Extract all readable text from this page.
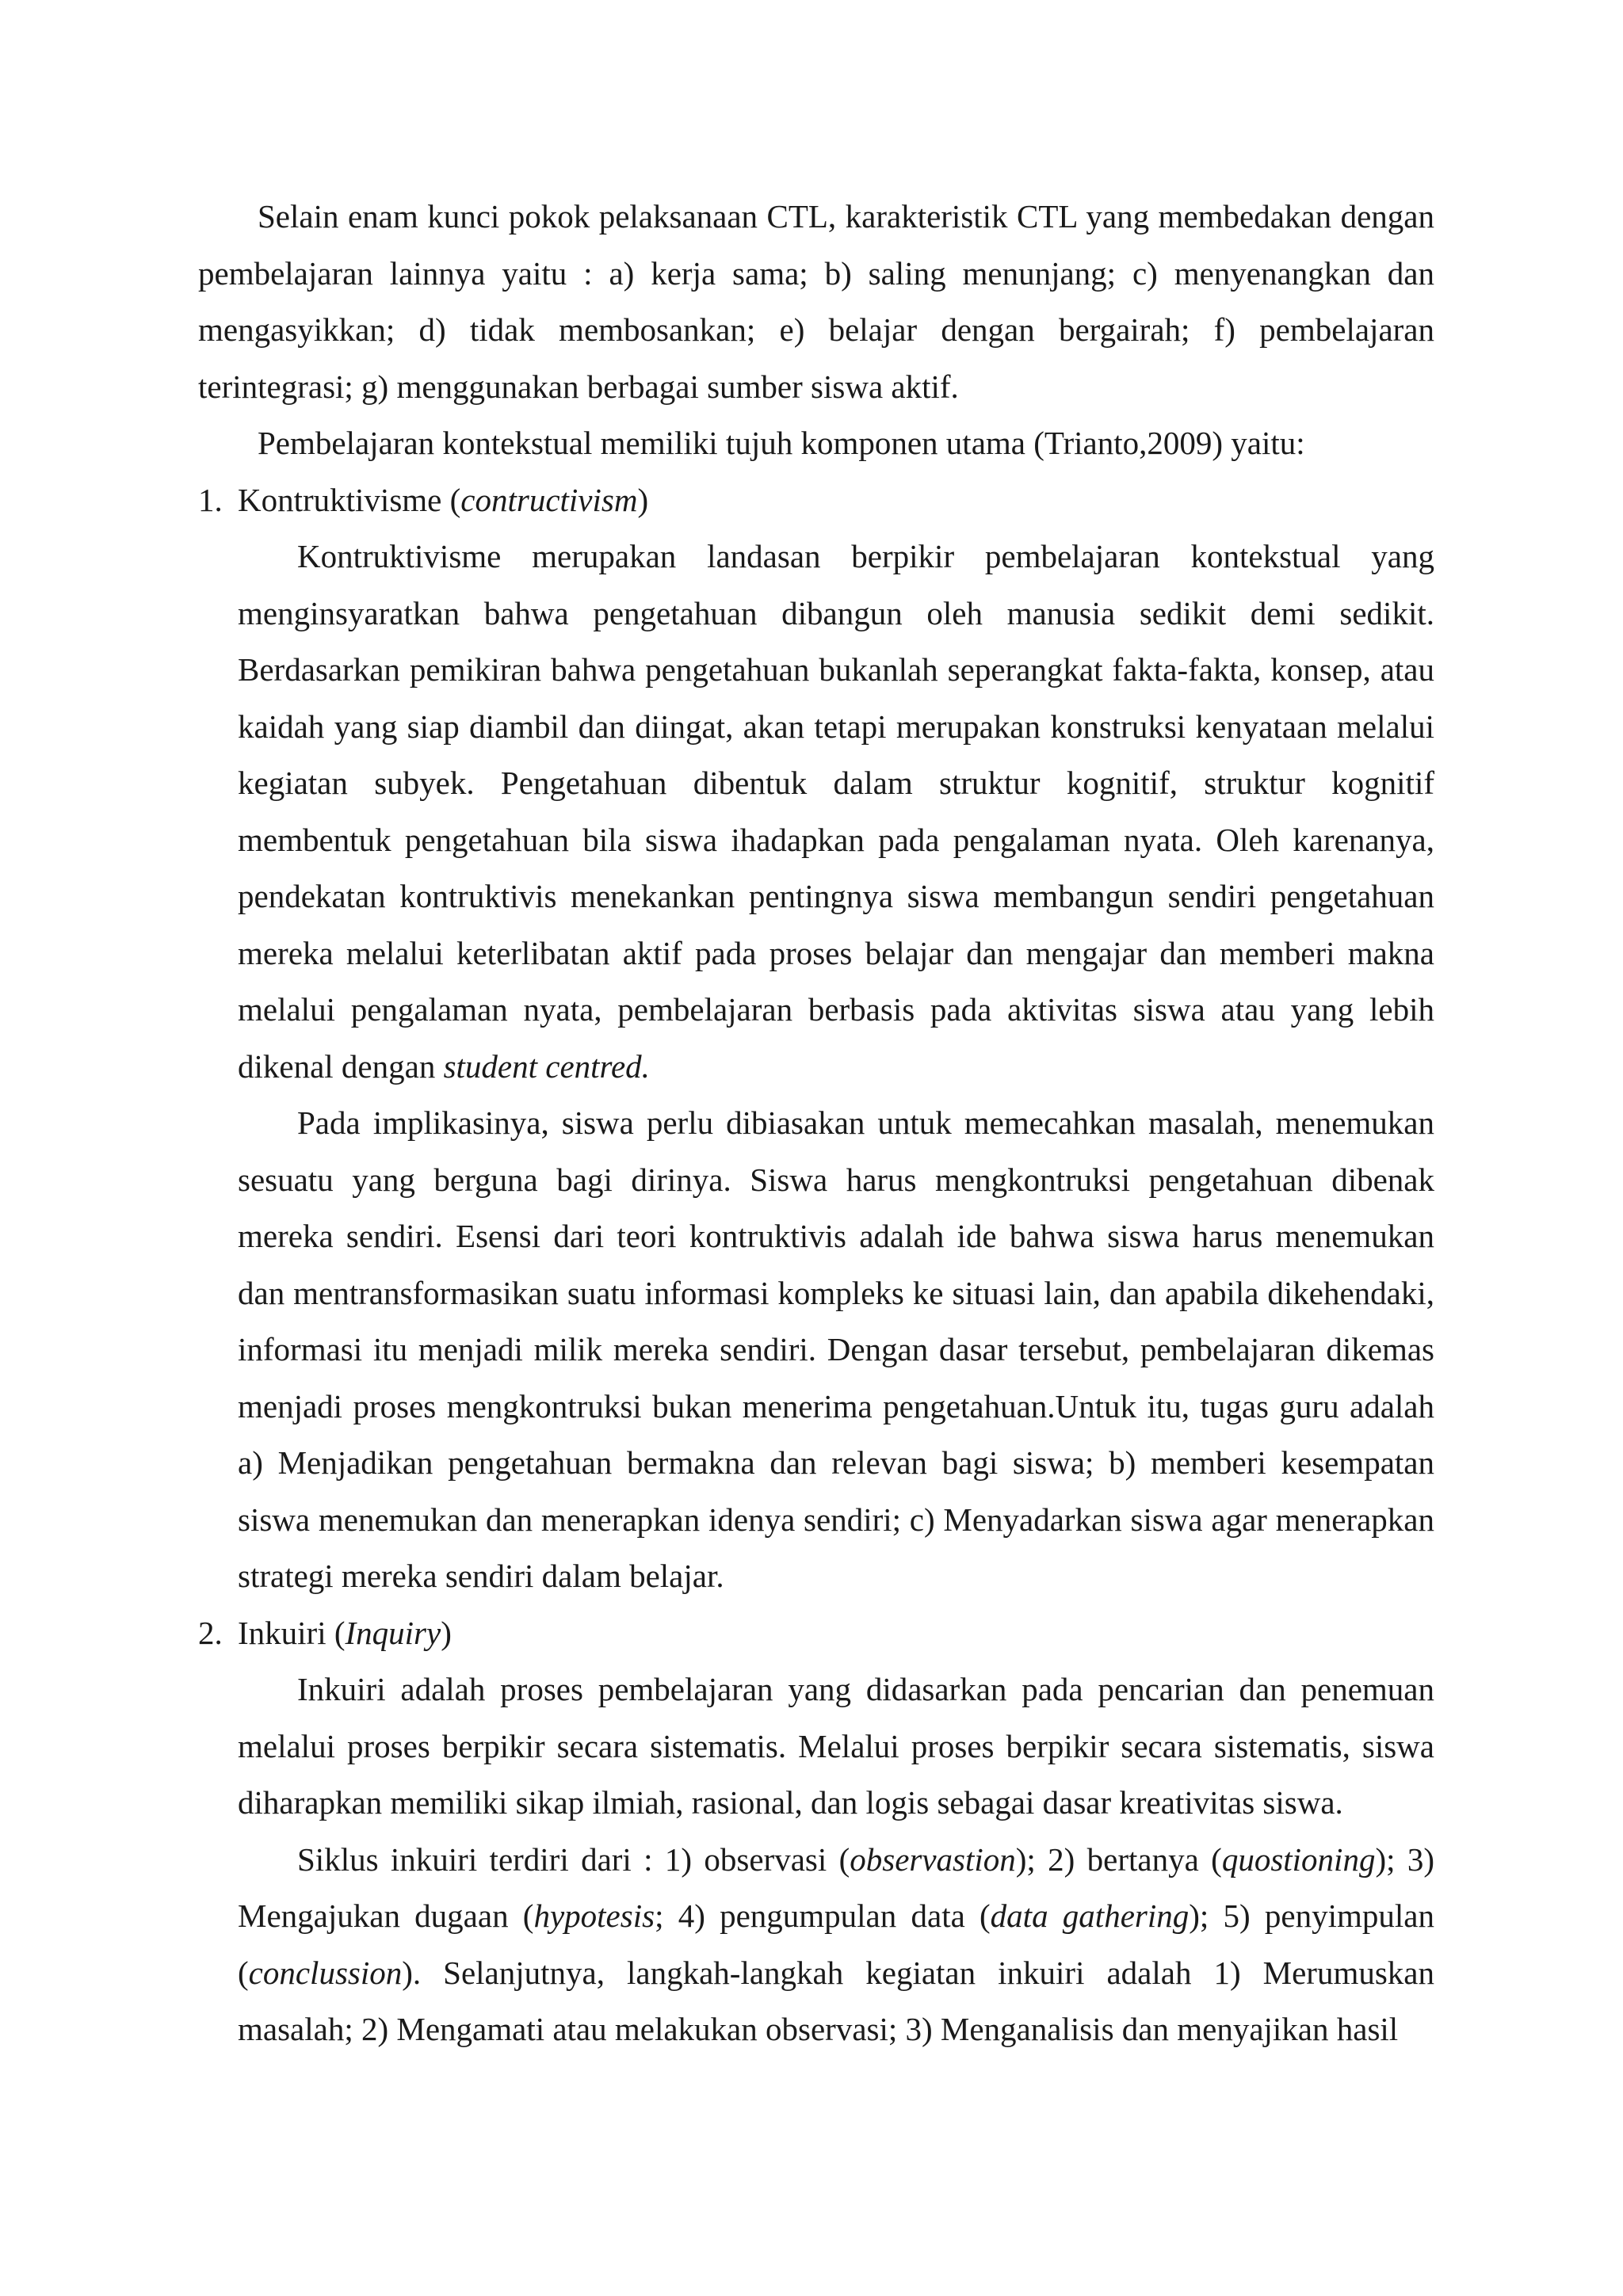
Selain enam kunci pokok pelaksanaan CTL, karakteristik CTL yang membedakan dengan pembelajaran lainnya yaitu : a) kerja sama; b) saling menunjang; c) menyenangkan dan mengasyikkan; d) tidak membosankan; e) belajar dengan bergairah; f) pembelajaran terintegrasi; g) menggunakan berbagai sumber siswa aktif.

Pembelajaran kontekstual memiliki tujuh komponen utama (Trianto,2009) yaitu:

1. Kontruktivisme (contructivism)

Kontruktivisme merupakan landasan berpikir pembelajaran kontekstual yang menginsyaratkan bahwa pengetahuan dibangun oleh manusia sedikit demi sedikit. Berdasarkan pemikiran bahwa pengetahuan bukanlah seperangkat fakta-fakta, konsep, atau kaidah yang siap diambil dan diingat, akan tetapi merupakan konstruksi kenyataan melalui kegiatan subyek. Pengetahuan dibentuk dalam struktur kognitif, struktur kognitif membentuk pengetahuan bila siswa ihadapkan pada pengalaman nyata. Oleh karenanya, pendekatan kontruktivis menekankan pentingnya siswa membangun sendiri pengetahuan mereka melalui keterlibatan aktif pada proses belajar dan mengajar dan memberi makna melalui pengalaman nyata, pembelajaran berbasis pada aktivitas siswa atau yang lebih dikenal dengan student centred.

Pada implikasinya, siswa perlu dibiasakan untuk memecahkan masalah, menemukan sesuatu yang berguna bagi dirinya. Siswa harus mengkontruksi pengetahuan dibenak mereka sendiri. Esensi dari teori kontruktivis adalah ide bahwa siswa harus menemukan dan mentransformasikan suatu informasi kompleks ke situasi lain, dan apabila dikehendaki, informasi itu menjadi milik mereka sendiri. Dengan dasar tersebut, pembelajaran dikemas menjadi proses mengkontruksi bukan menerima pengetahuan.Untuk itu, tugas guru adalah a) Menjadikan pengetahuan bermakna dan relevan bagi siswa; b) memberi kesempatan siswa menemukan dan menerapkan idenya sendiri; c) Menyadarkan siswa agar menerapkan strategi mereka sendiri dalam belajar.

2. Inkuiri (Inquiry)

Inkuiri adalah proses pembelajaran yang didasarkan pada pencarian dan penemuan melalui proses berpikir secara sistematis. Melalui proses berpikir secara sistematis, siswa diharapkan memiliki sikap ilmiah, rasional, dan logis sebagai dasar kreativitas siswa.

Siklus inkuiri terdiri dari : 1) observasi (observastion); 2) bertanya (quostioning); 3) Mengajukan dugaan (hypotesis; 4) pengumpulan data (data gathering); 5) penyimpulan (conclussion). Selanjutnya, langkah-langkah kegiatan inkuiri adalah 1) Merumuskan masalah; 2) Mengamati atau melakukan observasi; 3) Menganalisis dan menyajikan hasil
